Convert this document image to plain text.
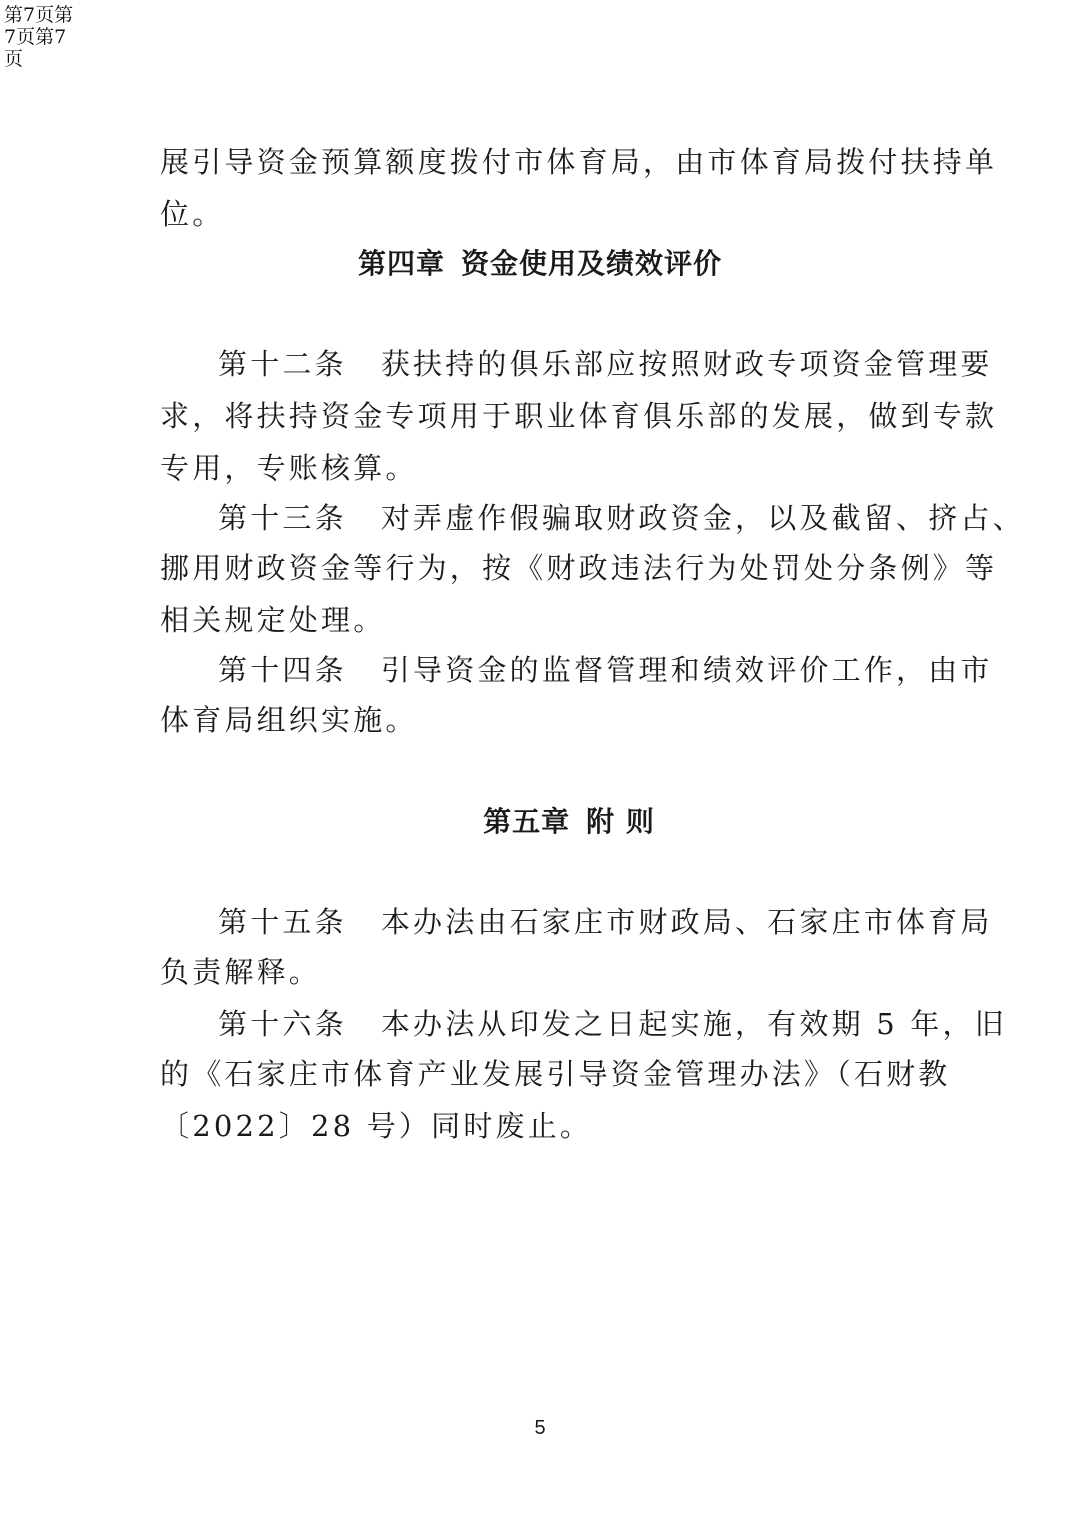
第7页第7页第7页
展引导资金预算额度拨付市体育局，由市体育局拨付扶持单
位。
第四章 资金使用及绩效评价
第十二条 获扶持的俱乐部应按照财政专项资金管理要
求，将扶持资金专项用于职业体育俱乐部的发展，做到专款
专用，专账核算。
第十三条 对弄虚作假骗取财政资金，以及截留、挤占、
挪用财政资金等行为，按《财政违法行为处罚处分条例》等
相关规定处理。
第十四条 引导资金的监督管理和绩效评价工作，由市
体育局组织实施。
第五章 附 则
第十五条 本办法由石家庄市财政局、石家庄市体育局
负责解释。
第十六条 本办法从印发之日起实施，有效期 5 年，旧
的《石家庄市体育产业发展引导资金管理办法》（石财教
〔2022〕28 号）同时废止。
5
